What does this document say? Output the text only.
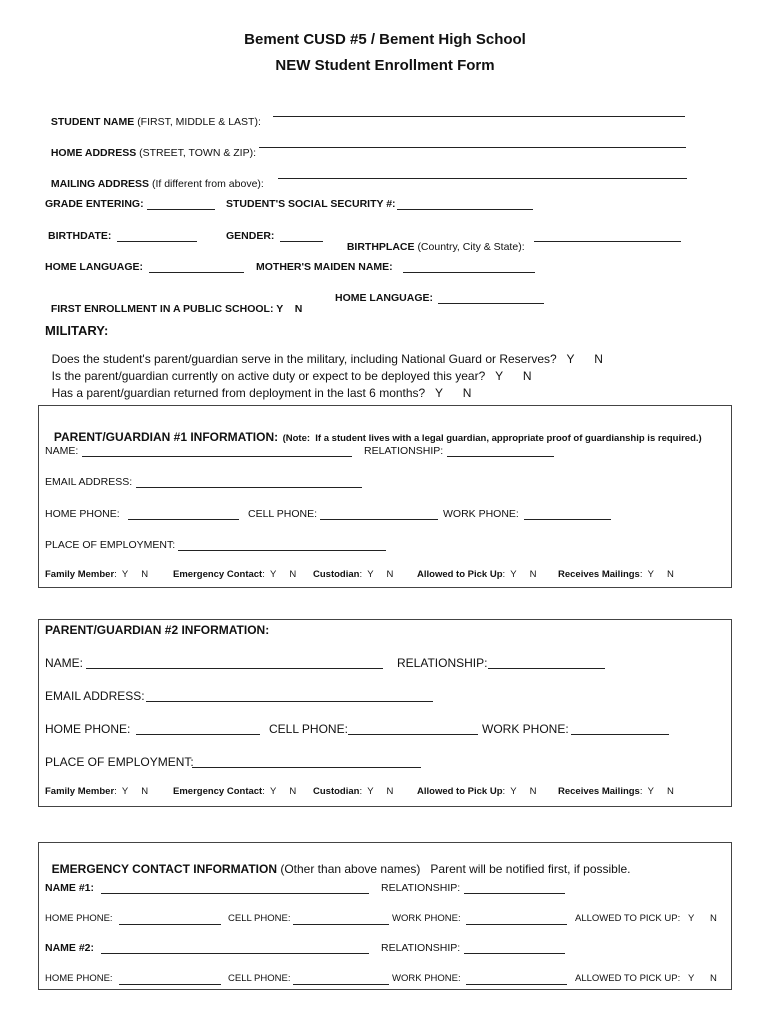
Bement CUSD #5 / Bement High School
NEW Student Enrollment Form

STUDENT NAME (FIRST, MIDDLE & LAST):

HOME ADDRESS (STREET, TOWN & ZIP):

MAILING ADDRESS (If different from above):

GRADE ENTERING:	STUDENT'S SOCIAL SECURITY #:
BIRTHDATE:	GENDER:

BIRTHPLACE (Country, City & State):

HOME LANGUAGE:	MOTHER'S MAIDEN NAME:

FIRST ENROLLMENT IN A PUBLIC SCHOOL: Y    N

HOME LANGUAGE:
MILITARY:

Does the student's parent/guardian serve in the military, including National Guard or Reserves? Y      N

Is the parent/guardian currently on active duty or expect to be deployed this year? Y      N

Has a parent/guardian returned from deployment in the last 6 months? Y      N

PARENT/GUARDIAN #1 INFORMATION: (Note:  If a student lives with a legal guardian, appropriate proof of guardianship is required.)

NAME:	RELATIONSHIP:
EMAIL ADDRESS:
HOME PHONE:	CELL PHONE:	WORK PHONE:
PLACE OF EMPLOYMENT:
Family Member:  Y     N	Emergency Contact:  Y     N Custodian:  Y     N Allowed to Pick Up:  Y     N Receives Mailings:  Y     N
PARENT/GUARDIAN #2 INFORMATION:
NAME:	RELATIONSHIP:
EMAIL ADDRESS:
HOME PHONE:	CELL PHONE:	WORK PHONE:
PLACE OF EMPLOYMENT:
Family Member:  Y     N	Emergency Contact:  Y     N Custodian:  Y     N Allowed to Pick Up:  Y     N Receives Mailings:  Y     N

EMERGENCY CONTACT INFORMATION (Other than above names)   Parent will be notified first, if possible.

NAME #1:	RELATIONSHIP:
HOME PHONE:	CELL PHONE:	WORK PHONE:	ALLOWED TO PICK UP: Y      N
NAME #2:	RELATIONSHIP:
HOME PHONE:	CELL PHONE:	WORK PHONE:	ALLOWED TO PICK UP: Y      N
